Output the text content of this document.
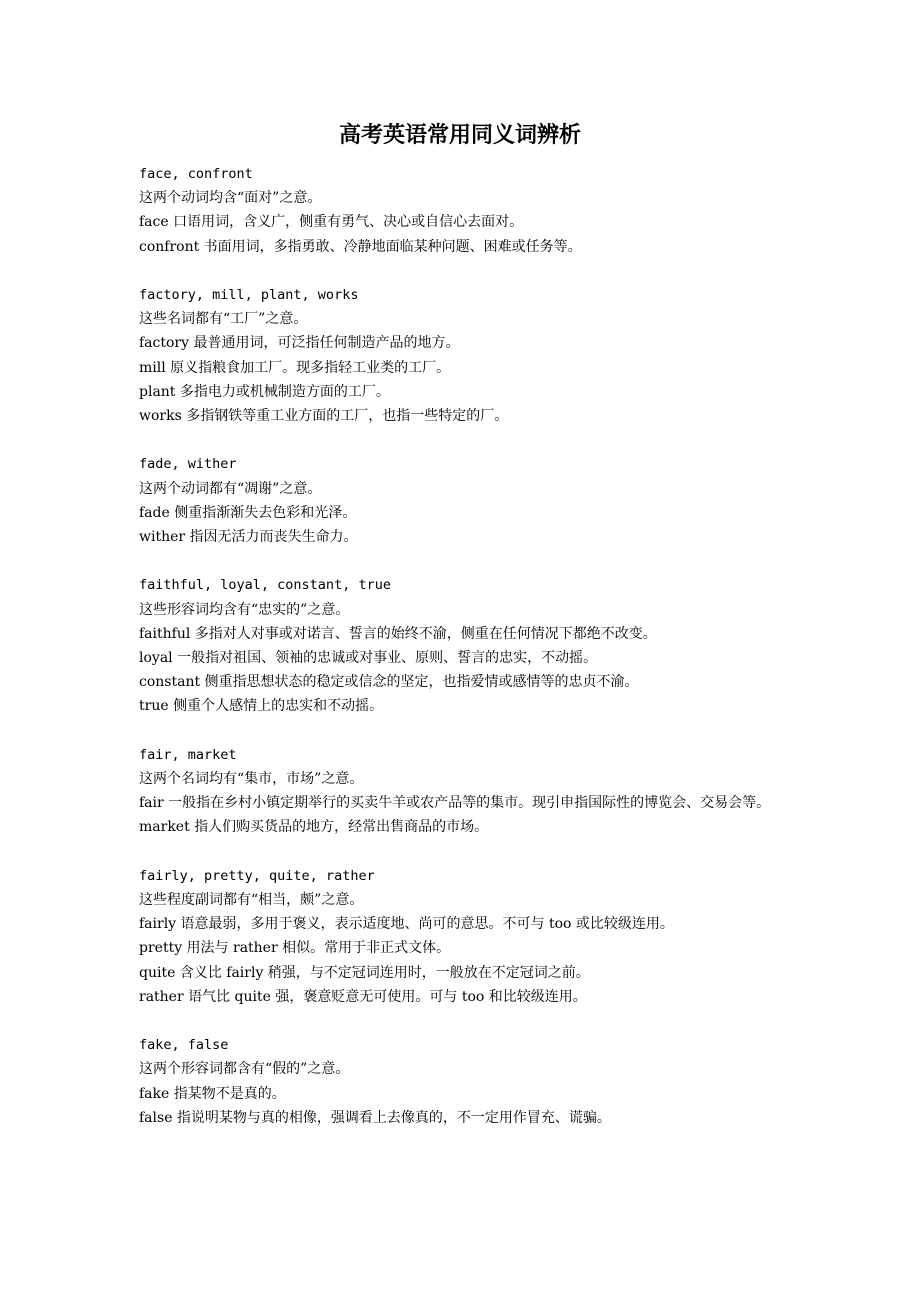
高考英语常用同义词辨析
face, confront
这两个动词均含“面对”之意。
face 口语用词，含义广，侧重有勇气、决心或自信心去面对。
confront 书面用词，多指勇敢、冷静地面临某种问题、困难或任务等。
factory, mill, plant, works
这些名词都有“工厂”之意。
factory 最普通用词，可泛指任何制造产品的地方。
mill 原义指粮食加工厂。现多指轻工业类的工厂。
plant 多指电力或机械制造方面的工厂。
works 多指钢铁等重工业方面的工厂，也指一些特定的厂。
fade, wither
这两个动词都有“凋谢”之意。
fade 侧重指渐渐失去色彩和光泽。
wither 指因无活力而丧失生命力。
faithful, loyal, constant, true
这些形容词均含有“忠实的”之意。
faithful 多指对人对事或对诺言、誓言的始终不渝，侧重在任何情况下都绝不改变。
loyal 一般指对祖国、领袖的忠诚或对事业、原则、誓言的忠实，不动摇。
constant 侧重指思想状态的稳定或信念的坚定，也指爱情或感情等的忠贞不渝。
true 侧重个人感情上的忠实和不动摇。
fair, market
这两个名词均有“集市，市场”之意。
fair 一般指在乡村小镇定期举行的买卖牛羊或农产品等的集市。现引申指国际性的博览会、交易会等。
market 指人们购买货品的地方，经常出售商品的市场。
fairly, pretty, quite, rather
这些程度副词都有“相当，颇”之意。
fairly 语意最弱，多用于褒义，表示适度地、尚可的意思。不可与 too 或比较级连用。
pretty 用法与 rather 相似。常用于非正式文体。
quite 含义比 fairly 稍强，与不定冠词连用时，一般放在不定冠词之前。
rather 语气比 quite 强，褒意贬意无可使用。可与 too 和比较级连用。
fake, false
这两个形容词都含有“假的”之意。
fake 指某物不是真的。
false 指说明某物与真的相像，强调看上去像真的，不一定用作冒充、谎骗。
